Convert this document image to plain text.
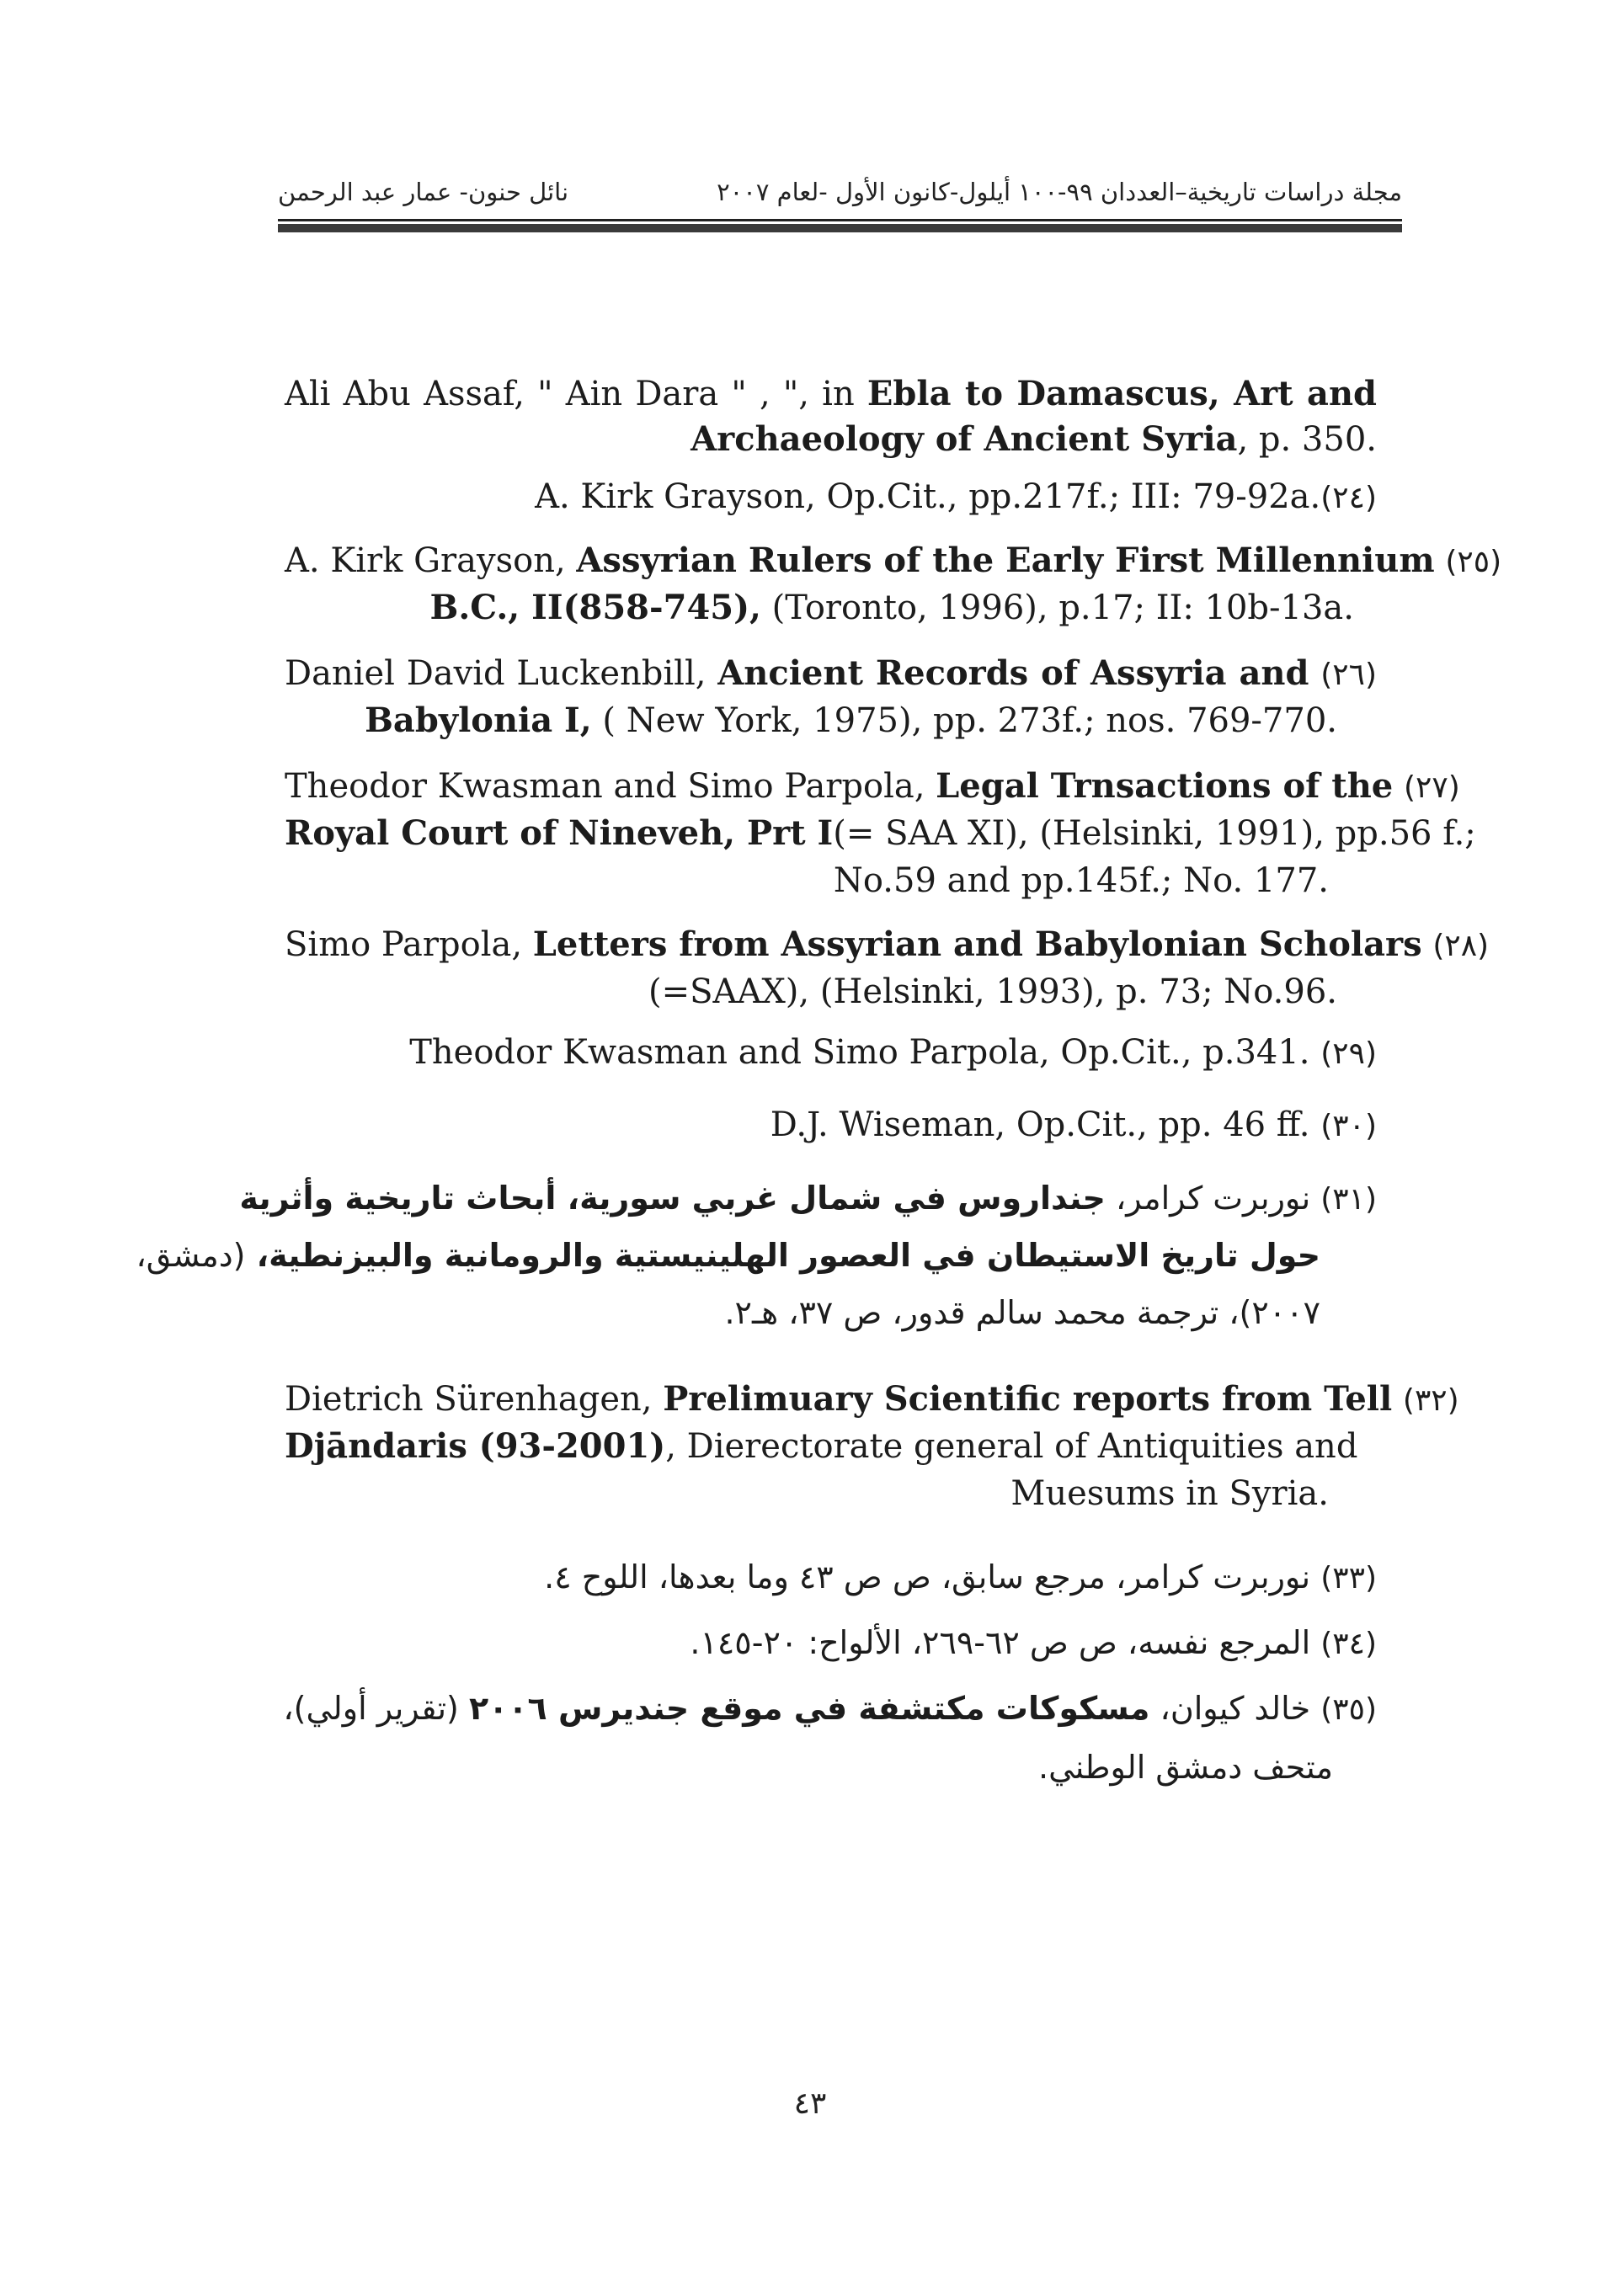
مجلة دراسات تاريخية–العددان ٩٩-١٠٠ أيلول-كانون الأول -لعام ٢٠٠٧
نائل حنون- عمار عبد الرحمن
Ali Abu Assaf, " Ain Dara " , ", in Ebla to Damascus, Art and
Archaeology of Ancient Syria, p. 350.
A. Kirk Grayson, Op.Cit., pp.217f.; III: 79-92a.(٢٤)
A. Kirk Grayson, Assyrian Rulers of the Early First Millennium (٢٥)
B.C., II(858-745), (Toronto, 1996), p.17; II: 10b-13a.
Daniel David Luckenbill, Ancient Records of Assyria and (٢٦)
Babylonia I, ( New York, 1975), pp. 273f.; nos. 769-770.
Theodor Kwasman and Simo Parpola, Legal Trnsactions of the (٢٧)
Royal Court of Nineveh, Prt I(= SAA XI), (Helsinki, 1991), pp.56 f.;
No.59 and pp.145f.; No. 177.
Simo Parpola, Letters from Assyrian and Babylonian Scholars (٢٨)
(=SAAX), (Helsinki, 1993), p. 73; No.96.
Theodor Kwasman and Simo Parpola, Op.Cit., p.341. (٢٩)
D.J. Wiseman, Op.Cit., pp. 46 ff. (٣٠)
(٣١) نوربرت كرامر، جنداروس في شمال غربي سورية، أبحاث تاريخية وأثرية
حول تاريخ الاستيطان في العصور الهلينيستية والرومانية والبيزنطية، (دمشق،
٢٠٠٧)، ترجمة محمد سالم قدور، ص ٣٧، هـ٢.
Dietrich Sürenhagen, Prelimuary Scientific reports from Tell (٣٢)
Djāndaris (93-2001), Dierectorate general of Antiquities and
Muesums in Syria.
(٣٣) نوربرت كرامر، مرجع سابق، ص ص ٤٣ وما بعدها، اللوح ٤.
(٣٤) المرجع نفسه، ص ص ٦٢-٢٦٩، الألواح: ٢٠-١٤٥.
(٣٥) خالد كيوان، مسكوكات مكتشفة في موقع جنديرس ٢٠٠٦ (تقرير أولي)،
متحف دمشق الوطني.
٤٣
